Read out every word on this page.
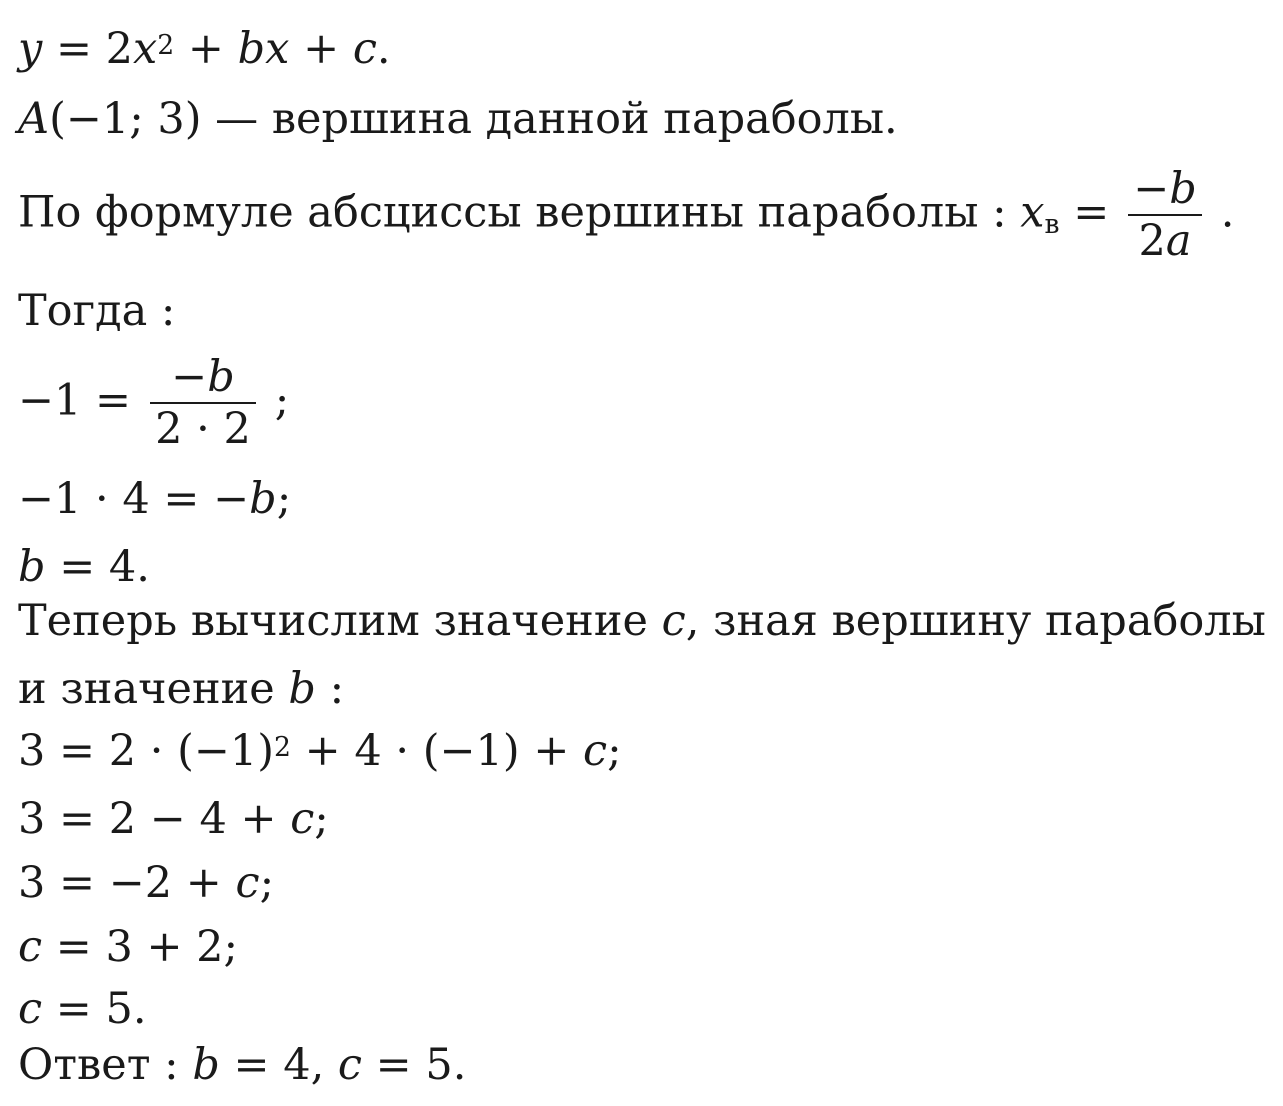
$y = 2x^2$ + bx + c.
A(−1; 3) — вершина данной параболы.
По формуле абсциссы вершины параболы : $x_в = \frac{-b}{2a}$ .
Тогда :
$-1 = \frac{-b}{2 \cdot 2}$ ;
−1 · 4 = −b;
b = 4.
Теперь вычислим значение c, зная вершину параболы
и значение b :
$3 = 2 \cdot (-1)^2 + 4 \cdot (-1) + c$;
3 = 2 − 4 + c;
3 = −2 + c;
c = 3 + 2;
c = 5.
Ответ : b = 4, c = 5.
